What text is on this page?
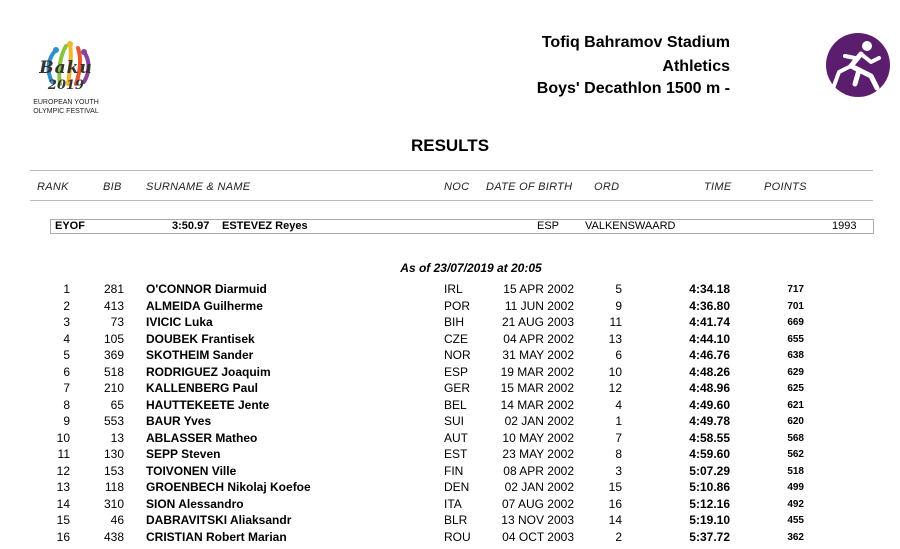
Baku
2019
EUROPEAN YOUTH
OLYMPIC FESTIVAL
Tofiq Bahramov Stadium
Athletics
Boys' Decathlon 1500 m -
RESULTS
RANK	BIB SURNAME & NAME	NOC DATE OF BIRTH ORD	TIME	POINTS
EYOF	3:50.97 ESTEVEZ Reyes	ESP VALKENSWAARD	1993
As of 23/07/2019 at 20:05
1	281 O'CONNOR Diarmuid	IRL	15 APR 2002	5	4:34.18	717
2	413 ALMEIDA Guilherme	POR	11 JUN 2002	9	4:36.80	701
3	73 IVICIC Luka	BIH	21 AUG 2003	11	4:41.74	669
4	105 DOUBEK Frantisek	CZE	04 APR 2002	13	4:44.10	655
5	369 SKOTHEIM Sander	NOR	31 MAY 2002	6	4:46.76	638
6	518 RODRIGUEZ Joaquim	ESP	19 MAR 2002	10	4:48.26	629
7	210 KALLENBERG Paul	GER	15 MAR 2002	12	4:48.96	625
8	65 HAUTTEKEETE Jente	BEL	14 MAR 2002	4	4:49.60	621
9	553 BAUR Yves	SUI	02 JAN 2002	1	4:49.78	620
10	13 ABLASSER Matheo	AUT	10 MAY 2002	7	4:58.55	568
11	130 SEPP Steven	EST	23 MAY 2002	8	4:59.60	562
12	153 TOIVONEN Ville	FIN	08 APR 2002	3	5:07.29	518
13	118 GROENBECH Nikolaj Koefoe	DEN	02 JAN 2002	15	5:10.86	499
14	310 SION Alessandro	ITA	07 AUG 2002	16	5:12.16	492
15	46 DABRAVITSKI Aliaksandr	BLR	13 NOV 2003	14	5:19.10	455
16	438 CRISTIAN Robert Marian	ROU	04 OCT 2003	2	5:37.72	362
